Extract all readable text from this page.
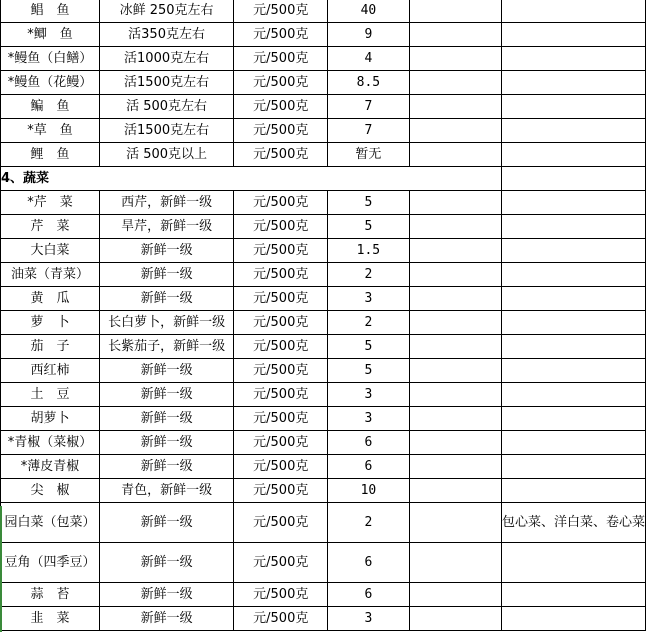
鲳　鱼	冰鲜 250克左右	元/500克	40		
*鲫　鱼	活350克左右	元/500克	9		
*鳗鱼（白鳝）	活1000克左右	元/500克	4		
*鳗鱼（花鳗）	活1500克左右	元/500克	8.5		
鳊　鱼	活 500克左右	元/500克	7		
*草　鱼	活1500克左右	元/500克	7		
鲤　鱼	活 500克以上	元/500克	暂无		
4、蔬菜					
*芹　菜	西芹，新鲜一级	元/500克	5		
芹　菜	旱芹，新鲜一级	元/500克	5		
大白菜	新鲜一级	元/500克	1.5		
油菜（青菜）	新鲜一级	元/500克	2		
黄　瓜	新鲜一级	元/500克	3		
萝　卜	长白萝卜，新鲜一级	元/500克	2		
茄　子	长紫茄子，新鲜一级	元/500克	5		
西红柿	新鲜一级	元/500克	5		
土　豆	新鲜一级	元/500克	3		
胡萝卜	新鲜一级	元/500克	3		
*青椒（菜椒）	新鲜一级	元/500克	6		
*薄皮青椒	新鲜一级	元/500克	6		
尖　椒	青色，新鲜一级	元/500克	10		
园白菜（包菜）	新鲜一级	元/500克	2		包心菜、洋白菜、卷心菜
豆角（四季豆）	新鲜一级	元/500克	6		
蒜　苔	新鲜一级	元/500克	6		
韭　菜	新鲜一级	元/500克	3		
